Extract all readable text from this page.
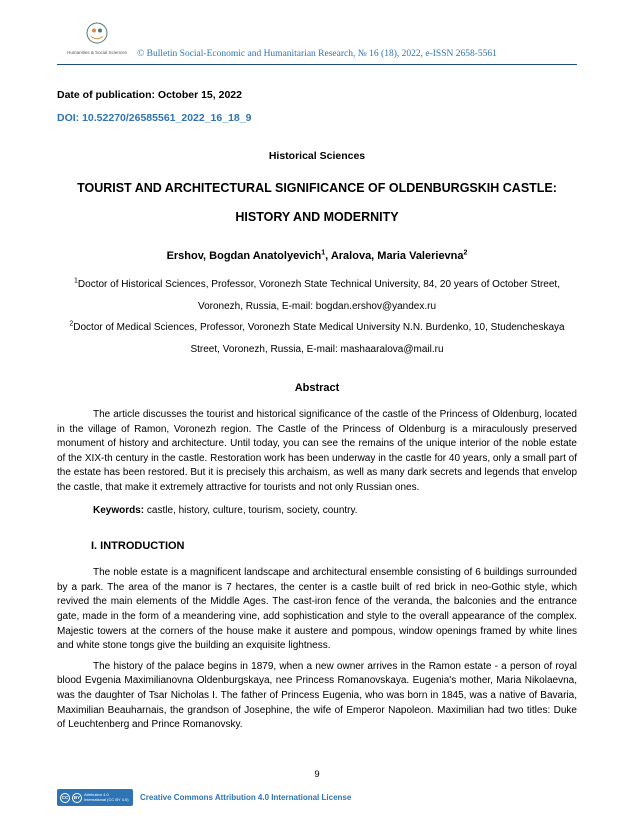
Humanities & Social Sciences	© Bulletin Social-Economic and Humanitarian Research, № 16 (18), 2022, e-ISSN 2658-5561
Date of publication: October 15, 2022
DOI: 10.52270/26585561_2022_16_18_9
Historical Sciences
TOURIST AND ARCHITECTURAL SIGNIFICANCE OF OLDENBURGSKIH CASTLE: HISTORY AND MODERNITY
Ershov, Bogdan Anatolyevich$^1$, Aralova, Maria Valerievna$^2$
$^1$Doctor of Historical Sciences, Professor, Voronezh State Technical University, 84, 20 years of October Street, Voronezh, Russia, E-mail: bogdan.ershov@yandex.ru
$^2$Doctor of Medical Sciences, Professor, Voronezh State Medical University N.N. Burdenko, 10, Studencheskaya Street, Voronezh, Russia, E-mail: mashaaralova@mail.ru
Abstract

The article discusses the tourist and historical significance of the castle of the Princess of Oldenburg, located in the village of Ramon, Voronezh region. The Castle of the Princess of Oldenburg is a miraculously preserved monument of history and architecture. Until today, you can see the remains of the unique interior of the noble estate of the XIX-th century in the castle. Restoration work has been underway in the castle for 40 years, only a small part of the estate has been restored. But it is precisely this archaism, as well as many dark secrets and legends that envelop the castle, that make it extremely attractive for tourists and not only Russian ones.

Keywords: castle, history, culture, tourism, society, country.

I. INTRODUCTION

The noble estate is a magnificent landscape and architectural ensemble consisting of 6 buildings surrounded by a park. The area of the manor is 7 hectares, the center is a castle built of red brick in neo-Gothic style, which revived the main elements of the Middle Ages. The cast-iron fence of the veranda, the balconies and the entrance gate, made in the form of a meandering vine, add sophistication and style to the overall appearance of the complex. Majestic towers at the corners of the house make it austere and pompous, window openings framed by white lines and white stone tongs give the building an exquisite lightness.

The history of the palace begins in 1879, when a new owner arrives in the Ramon estate - a person of royal blood Evgenia Maximilianovna Oldenburgskaya, nee Princess Romanovskaya. Eugenia's mother, Maria Nikolaevna, was the daughter of Tsar Nicholas I. The father of Princess Eugenia, who was born in 1845, was a native of Bavaria, Maximilian Beauharnais, the grandson of Josephine, the wife of Emperor Napoleon. Maximilian had two titles: Duke of Leuchtenberg and Prince Romanovsky.

9
CC	BY
Attribution 4.0 International (CC BY 4.0) Creative Commons Attribution 4.0 International License
